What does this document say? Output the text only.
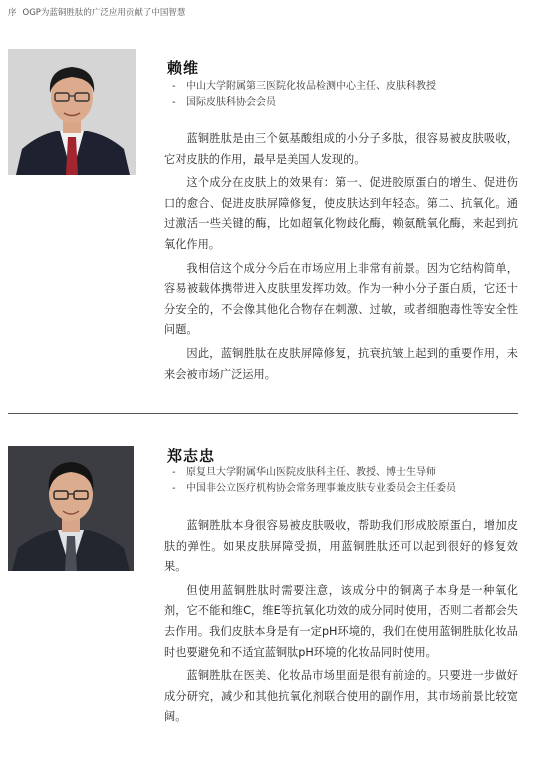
序 OGP为蓝铜胜肽的广泛应用贡献了中国智慧
赖维
- 中山大学附属第三医院化妆品检测中心主任、皮肤科教授
- 国际皮肤科协会会员

蓝铜胜肽是由三个氨基酸组成的小分子多肽，很容易被皮肤吸收，它对皮肤的作用，最早是美国人发现的。

这个成分在皮肤上的效果有：第一、促进胶原蛋白的增生、促进伤口的愈合、促进皮肤屏障修复，使皮肤达到年轻态。第二、抗氧化。通过激活一些关键的酶，比如超氧化物歧化酶，赖氨酰氧化酶，来起到抗氧化作用。

我相信这个成分今后在市场应用上非常有前景。因为它结构简单，容易被载体携带进入皮肤里发挥功效。作为一种小分子蛋白质，它还十分安全的，不会像其他化合物存在刺激、过敏，或者细胞毒性等安全性问题。

因此，蓝铜胜肽在皮肤屏障修复，抗衰抗皱上起到的重要作用，未来会被市场广泛运用。

郑志忠
- 原复旦大学附属华山医院皮肤科主任、教授、博士生导师
- 中国非公立医疗机构协会常务理事兼皮肤专业委员会主任委员

蓝铜胜肽本身很容易被皮肤吸收，帮助我们形成胶原蛋白，增加皮肤的弹性。如果皮肤屏障受损，用蓝铜胜肽还可以起到很好的修复效果。

但使用蓝铜胜肽时需要注意，该成分中的铜离子本身是一种氧化剂，它不能和维C，维E等抗氧化功效的成分同时使用，否则二者都会失去作用。我们皮肤本身是有一定pH环境的，我们在使用蓝铜胜肽化妆品时也要避免和不适宜蓝铜肽pH环境的化妆品同时使用。

蓝铜胜肽在医美、化妆品市场里面是很有前途的。只要进一步做好成分研究，减少和其他抗氧化剂联合使用的副作用，其市场前景比较宽阔。
